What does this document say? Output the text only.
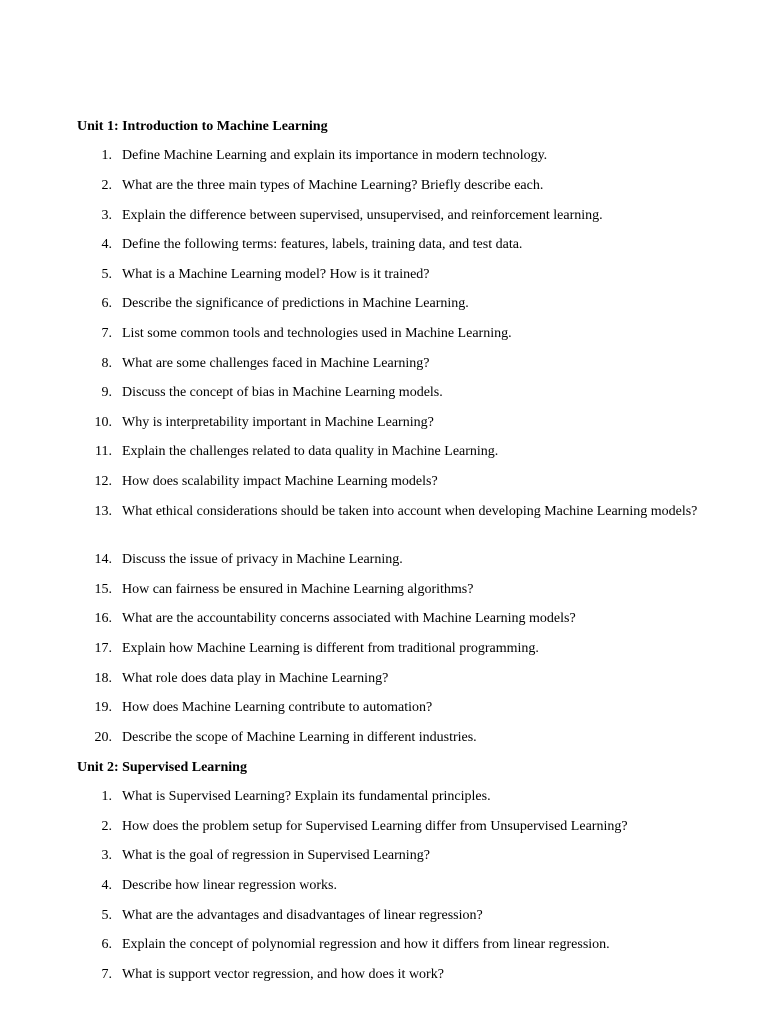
Unit 1: Introduction to Machine Learning
1. Define Machine Learning and explain its importance in modern technology.
2. What are the three main types of Machine Learning? Briefly describe each.
3. Explain the difference between supervised, unsupervised, and reinforcement learning.
4. Define the following terms: features, labels, training data, and test data.
5. What is a Machine Learning model? How is it trained?
6. Describe the significance of predictions in Machine Learning.
7. List some common tools and technologies used in Machine Learning.
8. What are some challenges faced in Machine Learning?
9. Discuss the concept of bias in Machine Learning models.
10. Why is interpretability important in Machine Learning?
11. Explain the challenges related to data quality in Machine Learning.
12. How does scalability impact Machine Learning models?
13. What ethical considerations should be taken into account when developing Machine Learning models?
14. Discuss the issue of privacy in Machine Learning.
15. How can fairness be ensured in Machine Learning algorithms?
16. What are the accountability concerns associated with Machine Learning models?
17. Explain how Machine Learning is different from traditional programming.
18. What role does data play in Machine Learning?
19. How does Machine Learning contribute to automation?
20. Describe the scope of Machine Learning in different industries.
Unit 2: Supervised Learning
1. What is Supervised Learning? Explain its fundamental principles.
2. How does the problem setup for Supervised Learning differ from Unsupervised Learning?
3. What is the goal of regression in Supervised Learning?
4. Describe how linear regression works.
5. What are the advantages and disadvantages of linear regression?
6. Explain the concept of polynomial regression and how it differs from linear regression.
7. What is support vector regression, and how does it work?
